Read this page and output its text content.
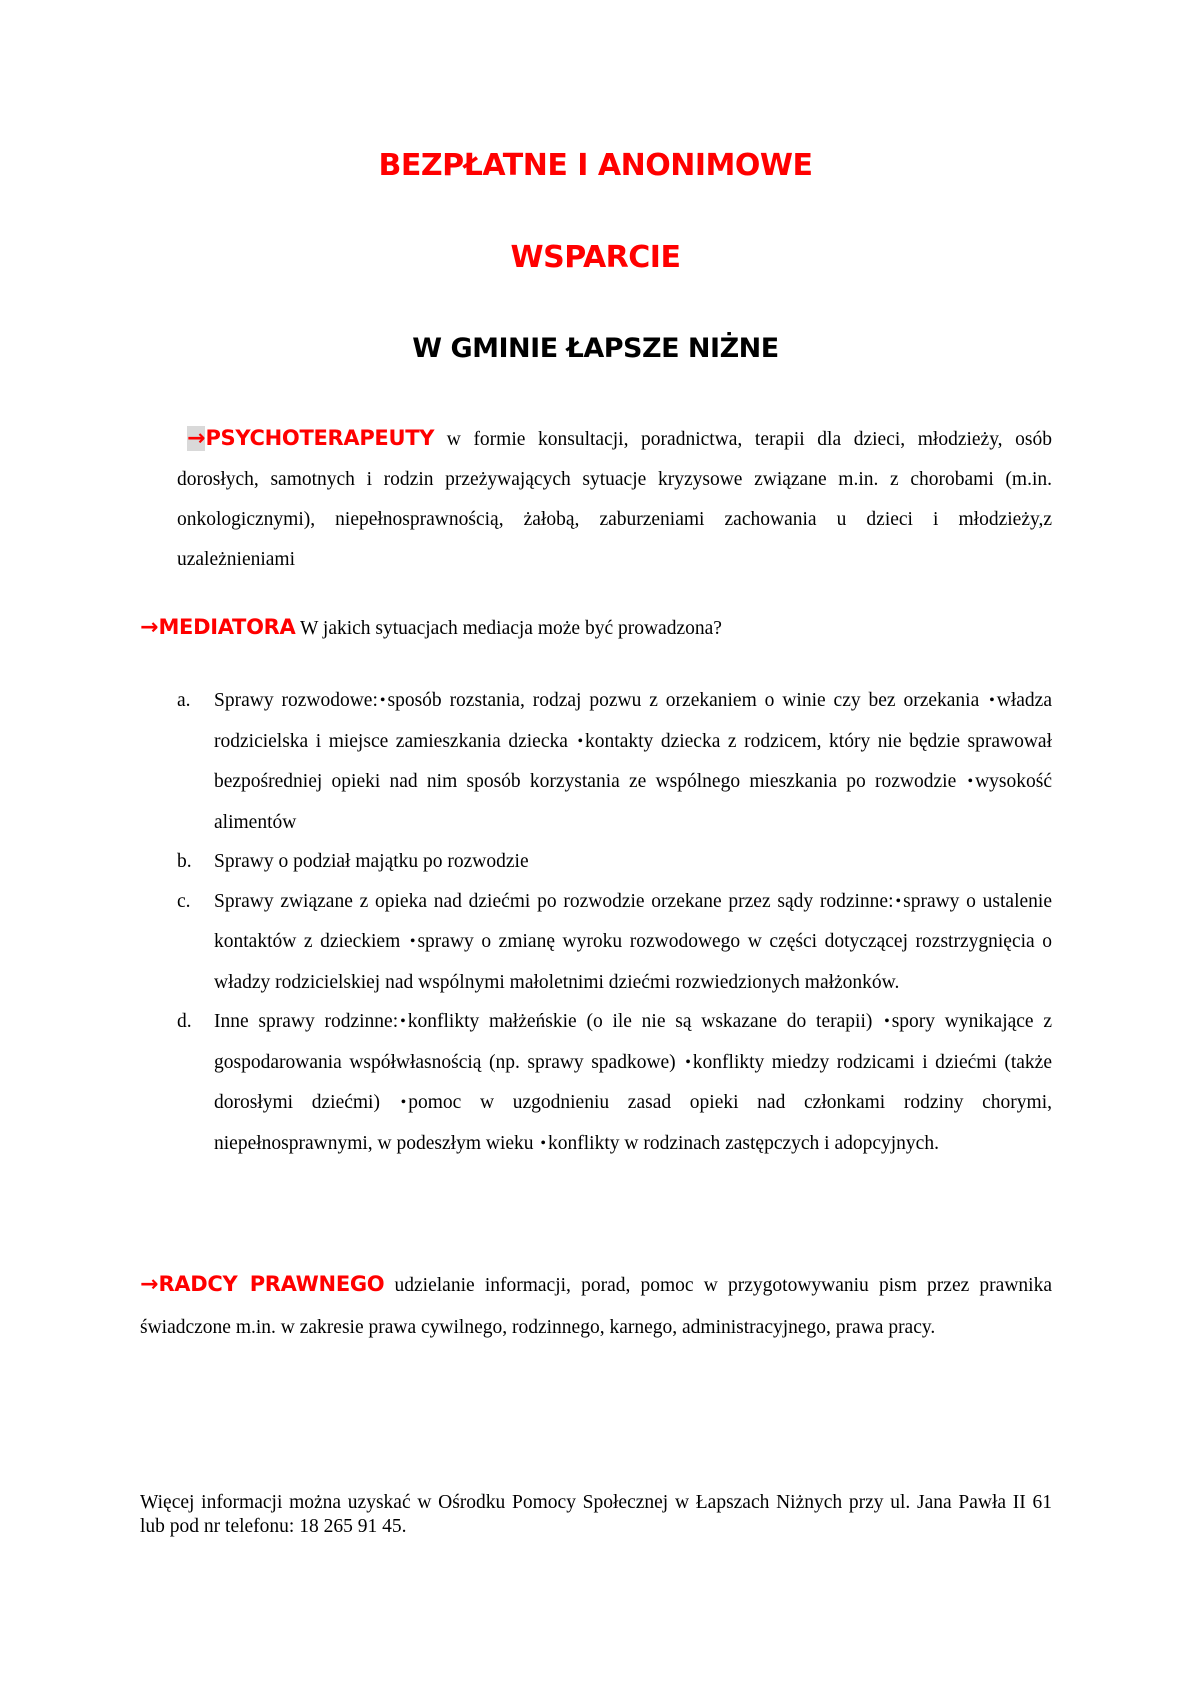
BEZPŁATNE I ANONIMOWE
WSPARCIE
W GMINIE ŁAPSZE NIŻNE
→PSYCHOTERAPEUTY w formie konsultacji, poradnictwa, terapii dla dzieci, młodzieży, osób dorosłych, samotnych i rodzin przeżywających sytuacje kryzysowe związane m.in. z chorobami (m.in. onkologicznymi), niepełnosprawnością, żałobą, zaburzeniami zachowania u dzieci i młodzieży,z uzależnieniami
→MEDIATORA W jakich sytuacjach mediacja może być prowadzona?
a. Sprawy rozwodowe: • sposób rozstania, rodzaj pozwu z orzekaniem o winie czy bez orzekania • władza rodzicielska i miejsce zamieszkania dziecka • kontakty dziecka z rodzicem, który nie będzie sprawował bezpośredniej opieki nad nim sposób korzystania ze wspólnego mieszkania po rozwodzie • wysokość alimentów
b. Sprawy o podział majątku po rozwodzie
c. Sprawy związane z opieka nad dziećmi po rozwodzie orzekane przez sądy rodzinne: • sprawy o ustalenie kontaktów z dzieckiem • sprawy o zmianę wyroku rozwodowego w części dotyczącej rozstrzygnięcia o władzy rodzicielskiej nad wspólnymi małoletnimi dziećmi rozwiedzionych małżonków.
d. Inne sprawy rodzinne: • konflikty małżeńskie (o ile nie są wskazane do terapii) • spory wynikające z gospodarowania współwłasnością (np. sprawy spadkowe) • konflikty miedzy rodzicami i dziećmi (także dorosłymi dziećmi) • pomoc w uzgodnieniu zasad opieki nad członkami rodziny chorymi, niepełnosprawnymi, w podeszłym wieku • konflikty w rodzinach zastępczych i adopcyjnych.
→RADCY PRAWNEGO udzielanie informacji, porad, pomoc w przygotowywaniu pism przez prawnika świadczone m.in. w zakresie prawa cywilnego, rodzinnego, karnego, administracyjnego, prawa pracy.
Więcej informacji można uzyskać w Ośrodku Pomocy Społecznej w Łapszach Niżnych przy ul. Jana Pawła II 61 lub pod nr telefonu: 18 265 91 45.
